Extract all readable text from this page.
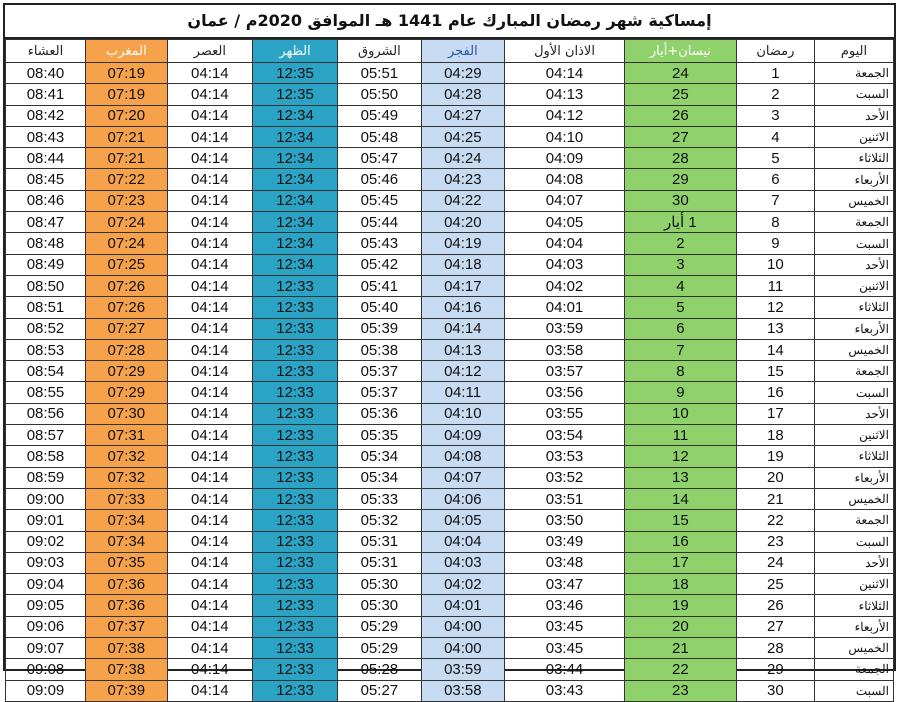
إمساكية شهر رمضان المبارك عام 1441 هـ الموافق 2020م / عمان
اليوم	رمضان	نيسان+أيار	الاذان الأول	الفجر	الشروق	الظهر	العصر	المغرب	العشاء
الجمعة	1	24	04:14	04:29	05:51	12:35	04:14	07:19	08:40
السبت	2	25	04:13	04:28	05:50	12:35	04:14	07:19	08:41
الأحد	3	26	04:12	04:27	05:49	12:34	04:14	07:20	08:42
الاثنين	4	27	04:10	04:25	05:48	12:34	04:14	07:21	08:43
الثلاثاء	5	28	04:09	04:24	05:47	12:34	04:14	07:21	08:44
الأربعاء	6	29	04:08	04:23	05:46	12:34	04:14	07:22	08:45
الخميس	7	30	04:07	04:22	05:45	12:34	04:14	07:23	08:46
الجمعة	8	1 أيار	04:05	04:20	05:44	12:34	04:14	07:24	08:47
السبت	9	2	04:04	04:19	05:43	12:34	04:14	07:24	08:48
الأحد	10	3	04:03	04:18	05:42	12:34	04:14	07:25	08:49
الاثنين	11	4	04:02	04:17	05:41	12:33	04:14	07:26	08:50
الثلاثاء	12	5	04:01	04:16	05:40	12:33	04:14	07:26	08:51
الأربعاء	13	6	03:59	04:14	05:39	12:33	04:14	07:27	08:52
الخميس	14	7	03:58	04:13	05:38	12:33	04:14	07:28	08:53
الجمعة	15	8	03:57	04:12	05:37	12:33	04:14	07:29	08:54
السبت	16	9	03:56	04:11	05:37	12:33	04:14	07:29	08:55
الأحد	17	10	03:55	04:10	05:36	12:33	04:14	07:30	08:56
الاثنين	18	11	03:54	04:09	05:35	12:33	04:14	07:31	08:57
الثلاثاء	19	12	03:53	04:08	05:34	12:33	04:14	07:32	08:58
الأربعاء	20	13	03:52	04:07	05:34	12:33	04:14	07:32	08:59
الخميس	21	14	03:51	04:06	05:33	12:33	04:14	07:33	09:00
الجمعة	22	15	03:50	04:05	05:32	12:33	04:14	07:34	09:01
السبت	23	16	03:49	04:04	05:31	12:33	04:14	07:34	09:02
الأحد	24	17	03:48	04:03	05:31	12:33	04:14	07:35	09:03
الاثنين	25	18	03:47	04:02	05:30	12:33	04:14	07:36	09:04
الثلاثاء	26	19	03:46	04:01	05:30	12:33	04:14	07:36	09:05
الأربعاء	27	20	03:45	04:00	05:29	12:33	04:14	07:37	09:06
الخميس	28	21	03:45	04:00	05:29	12:33	04:14	07:38	09:07
الجمعة	29	22	03:44	03:59	05:28	12:33	04:14	07:38	09:08
السبت	30	23	03:43	03:58	05:27	12:33	04:14	07:39	09:09
